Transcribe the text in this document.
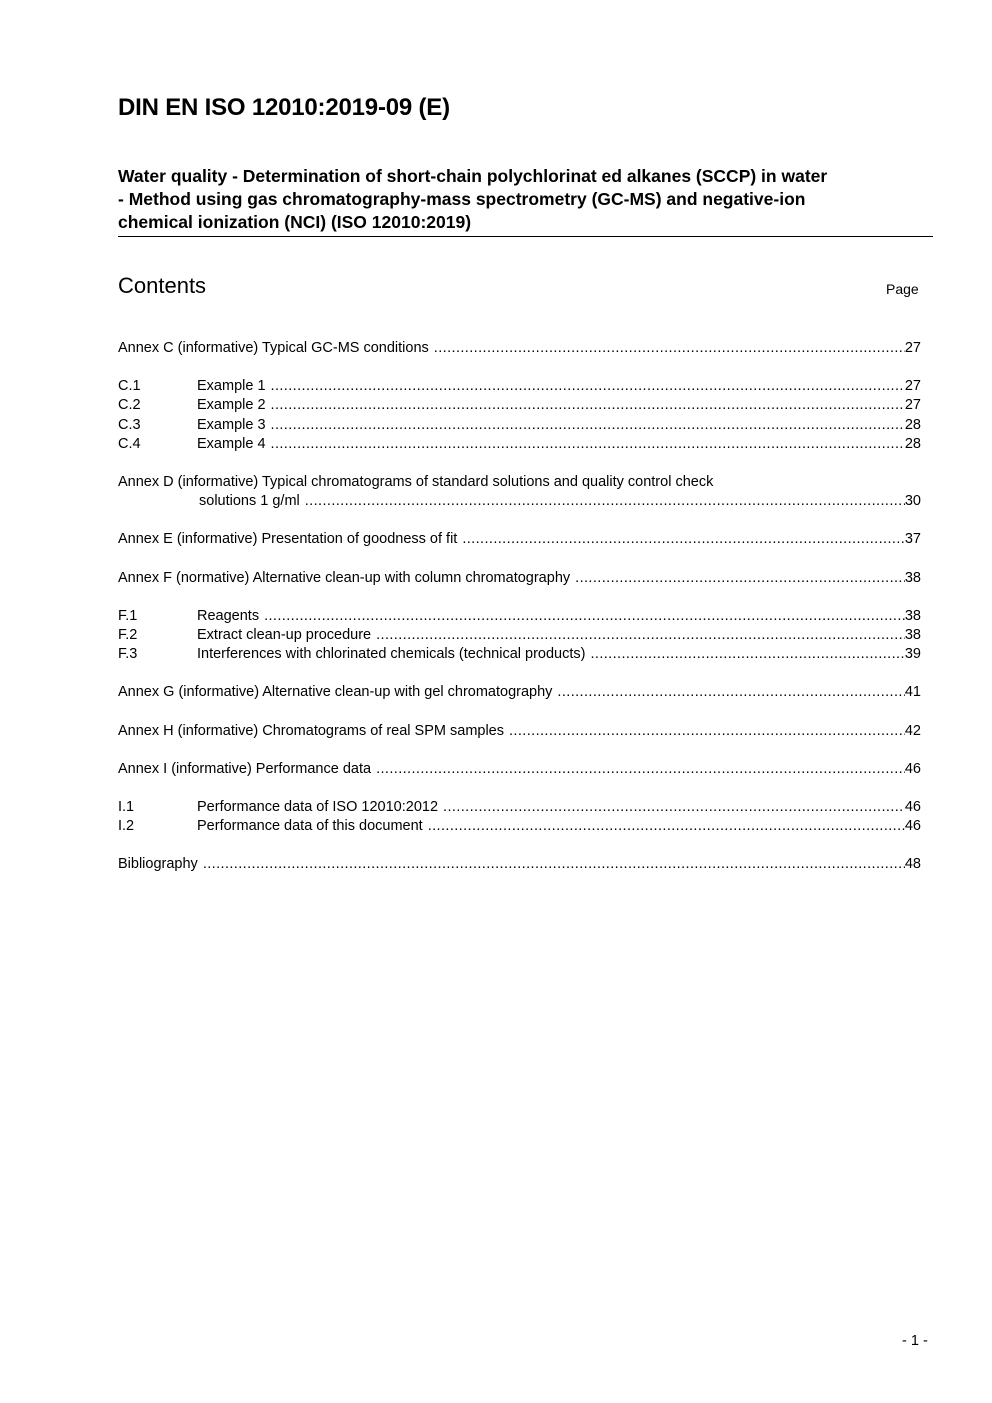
DIN EN ISO 12010:2019-09 (E)
Water quality - Determination of short-chain polychlorinat ed alkanes (SCCP) in water
- Method using gas chromatography-mass spectrometry (GC-MS) and negative-ion
chemical ionization (NCI) (ISO 12010:2019)
Contents	Page
Annex C (informative) Typical GC-MS conditions .....	27
C.1	Example 1 .....	27
C.2	Example 2 .....	27
C.3	Example 3 .....	28
C.4	Example 4 .....	28
Annex D (informative) Typical chromatograms of standard solutions and quality control check
solutions 1 g/ml .....	30
Annex E (informative) Presentation of goodness of fit .....	37
Annex F (normative) Alternative clean-up with column chromatography .....	38
F.1	Reagents .....	38
F.2	Extract clean-up procedure .....	38
F.3	Interferences with chlorinated chemicals (technical products) .....	39
Annex G (informative) Alternative clean-up with gel chromatography .....	41
Annex H (informative) Chromatograms of real SPM samples .....	42
Annex I (informative) Performance data .....	46
I.1	Performance data of ISO 12010:2012 .....	46
I.2	Performance data of this document .....	46
Bibliography .....	48
- 1 -
